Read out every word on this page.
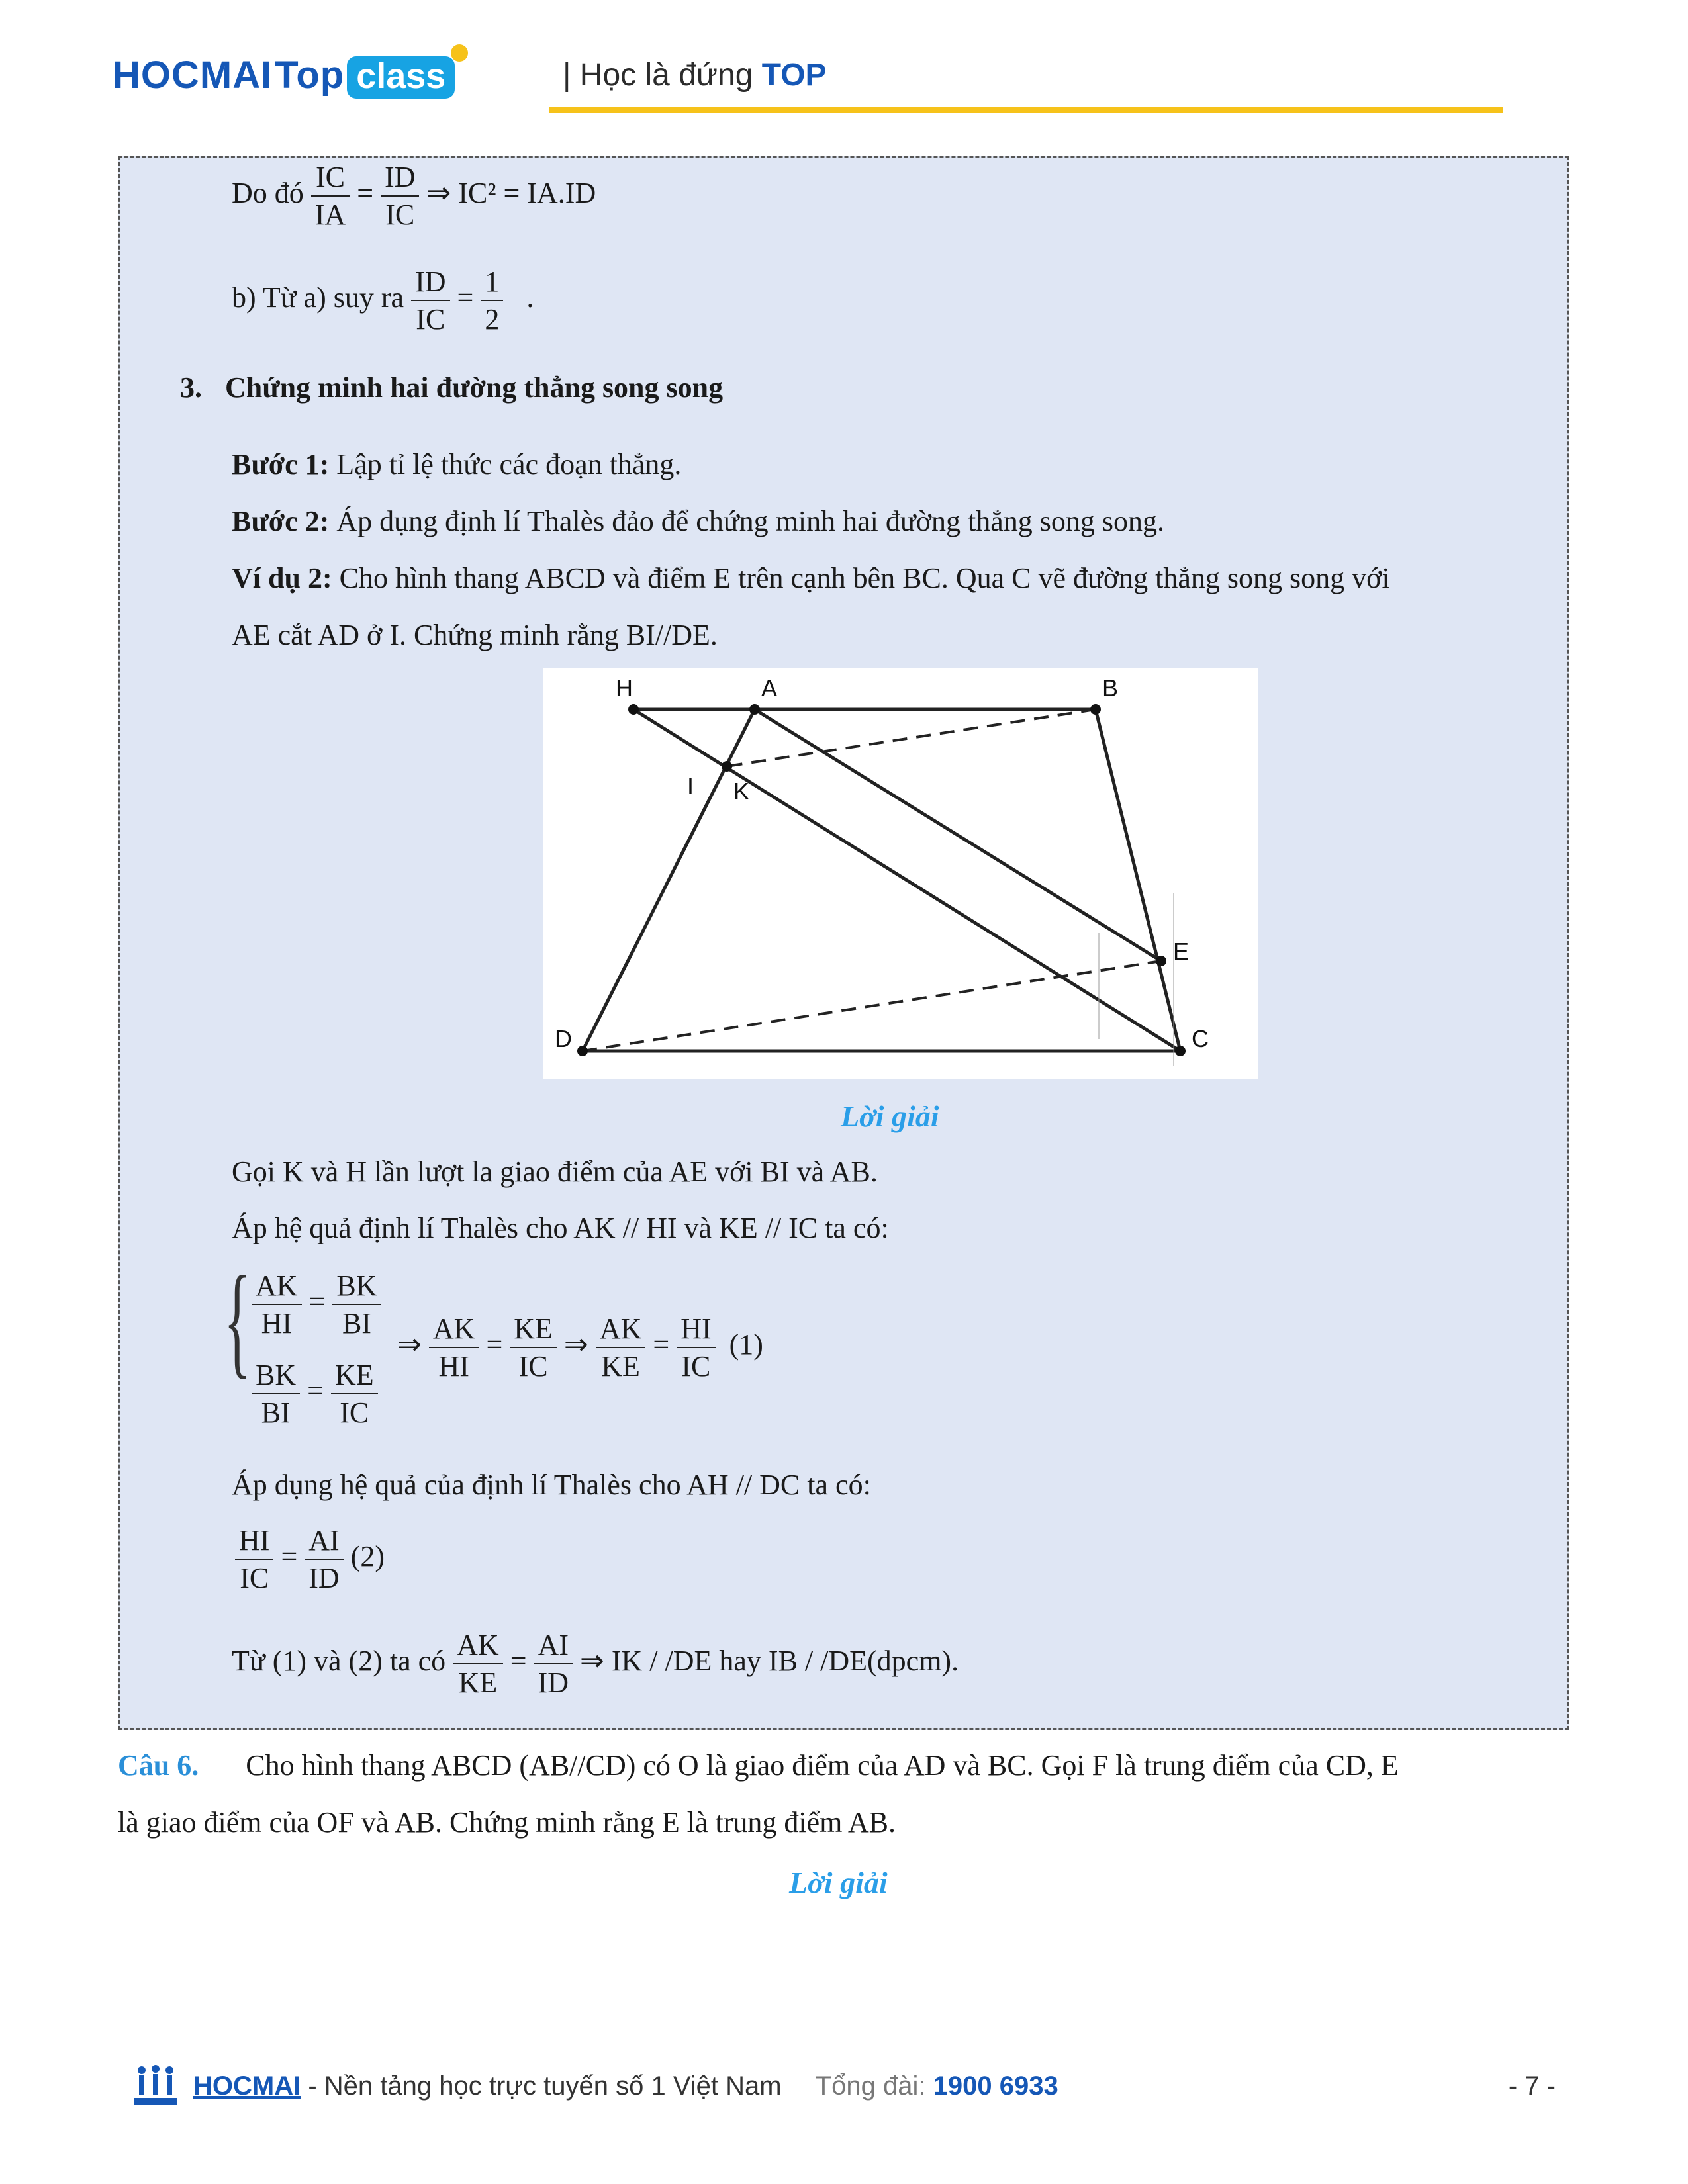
HOCMAI Top class	| Học là đứng TOP
Do đó $\frac{IC}{IA} = \frac{ID}{IC}$ ⇒ IC² = IA.ID
b) Từ a) suy ra $\frac{ID}{IC} = \frac{1}{2}$ .
3. Chứng minh hai đường thẳng song song
Bước 1: Lập tỉ lệ thức các đoạn thẳng.
Bước 2: Áp dụng định lí Thalès đảo để chứng minh hai đường thẳng song song.
Ví dụ 2: Cho hình thang ABCD và điểm E trên cạnh bên BC. Qua C vẽ đường thẳng song song với
AE cắt AD ở I. Chứng minh rằng BI//DE.
H	A	B
I K
E
D	C
Lời giải
Gọi K và H lần lượt la giao điểm của AE với BI và AB.
Áp hệ quả định lí Thalès cho AK // HI và KE // IC ta có:
{ $\frac{AK}{HI} = \frac{BK}{BI}$
$\frac{BK}{BI} = \frac{KE}{IC}$
⇒ $\frac{AK}{HI} = \frac{KE}{IC}$ ⇒ $\frac{AK}{KE} = \frac{HI}{IC} (1)$
Áp dụng hệ quả của định lí Thalès cho AH // DC ta có:
$\frac{HI}{IC} = \frac{AI}{ID} (2)$
Từ (1) và (2) ta có $\frac{AK}{KE} = \frac{AI}{ID}$ ⇒ IK / /DE hay IB / /DE(dpcm).
Câu 6. Cho hình thang ABCD (AB//CD) có O là giao điểm của AD và BC. Gọi F là trung điểm của CD, E
là giao điểm của OF và AB. Chứng minh rằng E là trung điểm AB.
Lời giải
HOCMAI - Nền tảng học trực tuyến số 1 Việt Nam Tổng đài: 1900 6933	- 7 -
